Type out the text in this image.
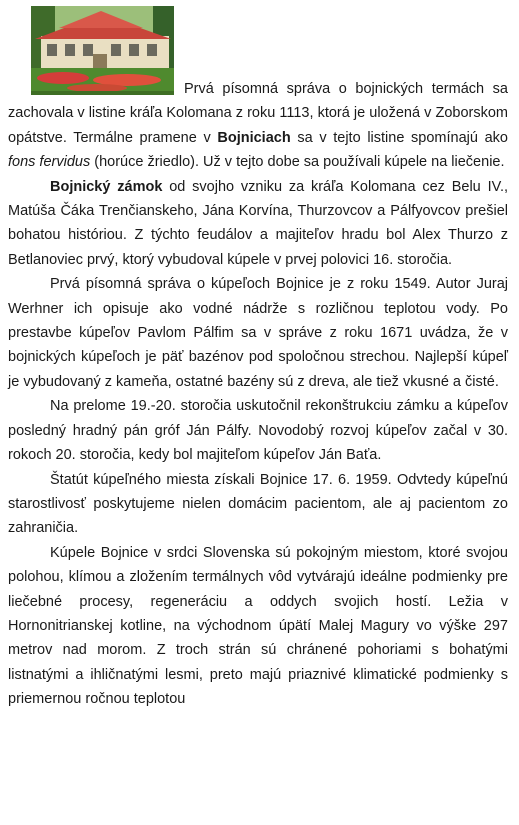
Prvá písomná správa o bojnických termách sa zachovala v listine kráľa Kolomana z roku 1113, ktorá je uložená v Zoborskom opátstve. Termálne pramene v Bojniciach sa v tejto listine spomínajú ako fons fervidus (horúce žriedlo). Už v tejto dobe sa používali kúpele na liečenie.

Bojnický zámok od svojho vzniku za kráľa Kolomana cez Belu IV., Matúša Čáka Trenčianskeho, Jána Korvína, Thurzovcov a Pálfyovcov prešiel bohatou históriou. Z týchto feudálov a majiteľov hradu bol Alex Thurzo z Betlanoviec prvý, ktorý vybudoval kúpele v prvej polovici 16. storočia.

Prvá písomná správa o kúpeľoch Bojnice je z roku 1549. Autor Juraj Werhner ich opisuje ako vodné nádrže s rozličnou teplotou vody. Po prestavbe kúpeľov Pavlom Pálfim sa v správe z roku 1671 uvádza, že v bojnických kúpeľoch je päť bazénov pod spoločnou strechou. Najlepší kúpeľ je vybudovaný z kameňa, ostatné bazény sú z dreva, ale tiež vkusné a čisté.

Na prelome 19.-20. storočia uskutočnil rekonštrukciu zámku a kúpeľov posledný hradný pán gróf Ján Pálfy. Novodobý rozvoj kúpeľov začal v 30. rokoch 20. storočia, kedy bol majiteľom kúpeľov Ján Baťa.

Štatút kúpeľného miesta získali Bojnice 17. 6. 1959. Odvtedy kúpeľnú starostlivosť poskytujeme nielen domácim pacientom, ale aj pacientom zo zahraničia.

Kúpele Bojnice v srdci Slovenska sú pokojným miestom, ktoré svojou polohou, klímou a zložením termálnych vôd vytvárajú ideálne podmienky pre liečebné procesy, regeneráciu a oddych svojich hostí. Ležia v Hornonitrianskej kotline, na východnom úpätí Malej Magury vo výške 297 metrov nad morom. Z troch strán sú chránené pohoriami s bohatými listnatými a ihličnatými lesmi, preto majú priaznivé klimatické podmienky s priemernou ročnou teplotou
